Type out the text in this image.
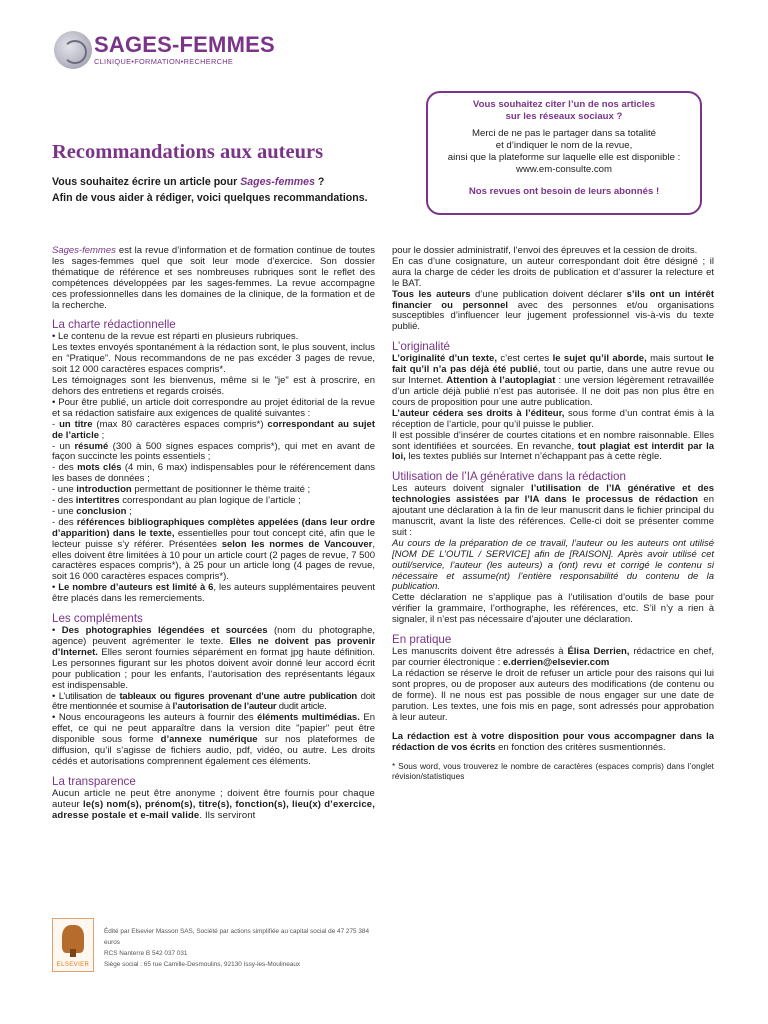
SAGES-FEMMES
CLINIQUE•FORMATION•RECHERCHE
Vous souhaitez citer l’un de nos articles
sur les réseaux sociaux ?
Merci de ne pas le partager dans sa totalité
et d’indiquer le nom de la revue,
ainsi que la plateforme sur laquelle elle est disponible :
www.em-consulte.com
Nos revues ont besoin de leurs abonnés !
Recommandations aux auteurs
Vous souhaitez écrire un article pour Sages-femmes ?
Afin de vous aider à rédiger, voici quelques recommandations.

Sages-femmes est la revue d’information et de formation continue de toutes les sages-femmes quel que soit leur mode d’exercice. Son dossier thématique de référence et ses nombreuses rubriques sont le reflet des compétences développées par les sages-femmes. La revue accompagne ces professionnelles dans les domaines de la clinique, de la formation et de la recherche.

La charte rédactionnelle

• Le contenu de la revue est réparti en plusieurs rubriques.

Les textes envoyés spontanément à la rédaction sont, le plus souvent, inclus en “Pratique”. Nous recommandons de ne pas excéder 3 pages de revue, soit 12 000 caractères espaces compris*.

Les témoignages sont les bienvenus, même si le "je" est à proscrire, en dehors des entretiens et regards croisés.

• Pour être publié, un article doit correspondre au projet éditorial de la revue et sa rédaction satisfaire aux exigences de qualité suivantes :

- un titre (max 80 caractères espaces compris*) correspondant au sujet de l’article ;

- un résumé (300 à 500 signes espaces compris*), qui met en avant de façon succincte les points essentiels ;

- des mots clés (4 min, 6 max) indispensables pour le référencement dans les bases de données ;

- une introduction permettant de positionner le thème traité ;

- des intertitres correspondant au plan logique de l’article ;

- une conclusion ;

- des références bibliographiques complètes appelées (dans leur ordre d’apparition) dans le texte, essentielles pour tout concept cité, afin que le lecteur puisse s’y référer. Présentées selon les normes de Vancouver, elles doivent être limitées à 10 pour un article court (2 pages de revue, 7 500 caractères espaces compris*), à 25 pour un article long (4 pages de revue, soit 16 000 caractères espaces compris*).

• Le nombre d’auteurs est limité à 6, les auteurs supplémentaires peuvent être placés dans les remerciements.

Les compléments

• Des photographies légendées et sourcées (nom du photographe, agence) peuvent agrémenter le texte. Elles ne doivent pas provenir d’Internet. Elles seront fournies séparément en format jpg haute définition. Les personnes figurant sur les photos doivent avoir donné leur accord écrit pour publication ; pour les enfants, l’autorisation des représentants légaux est indispensable.

• L’utilisation de tableaux ou figures provenant d’une autre publication doit être mentionnée et soumise à l’autorisation de l’auteur dudit article.

• Nous encourageons les auteurs à fournir des éléments multimédias. En effet, ce qui ne peut apparaître dans la version dite "papier" peut être disponible sous forme d’annexe numérique sur nos plateformes de diffusion, qu’il s’agisse de fichiers audio, pdf, vidéo, ou autre. Les droits cédés et autorisations comprennent également ces éléments.

La transparence

Aucun article ne peut être anonyme ; doivent être fournis pour chaque auteur le(s) nom(s), prénom(s), titre(s), fonction(s), lieu(x) d’exercice, adresse postale et e-mail valide. Ils serviront

pour le dossier administratif, l’envoi des épreuves et la cession de droits.

En cas d’une cosignature, un auteur correspondant doit être désigné ; il aura la charge de céder les droits de publication et d’assurer la relecture et le BAT.

Tous les auteurs d’une publication doivent déclarer s’ils ont un intérêt financier ou personnel avec des personnes et/ou organisations susceptibles d’influencer leur jugement professionnel vis-à-vis du texte publié.

L’originalité

L’originalité d’un texte, c’est certes le sujet qu’il aborde, mais surtout le fait qu’il n’a pas déjà été publié, tout ou partie, dans une autre revue ou sur Internet. Attention à l’autoplagiat : une version légèrement retravaillée d’un article déjà publié n’est pas autorisée. Il ne doit pas non plus être en cours de proposition pour une autre publication.

L’auteur cédera ses droits à l’éditeur, sous forme d’un contrat émis à la réception de l’article, pour qu’il puisse le publier.

Il est possible d’insérer de courtes citations et en nombre raisonnable. Elles sont identifiées et sourcées. En revanche, tout plagiat est interdit par la loi, les textes publiés sur Internet n’échappant pas à cette règle.

Utilisation de l’IA générative dans la rédaction

Les auteurs doivent signaler l’utilisation de l’IA générative et des technologies assistées par l’IA dans le processus de rédaction en ajoutant une déclaration à la fin de leur manuscrit dans le fichier principal du manuscrit, avant la liste des références. Celle-ci doit se présenter comme suit :

Au cours de la préparation de ce travail, l’auteur ou les auteurs ont utilisé [NOM DE L’OUTIL / SERVICE] afin de [RAISON]. Après avoir utilisé cet outil/service, l’auteur (les auteurs) a (ont) revu et corrigé le contenu si nécessaire et assume(nt) l’entière responsabilité du contenu de la publication.

Cette déclaration ne s’applique pas à l’utilisation d’outils de base pour vérifier la grammaire, l’orthographe, les références, etc. S’il n’y a rien à signaler, il n’est pas nécessaire d’ajouter une déclaration.

En pratique

Les manuscrits doivent être adressés à Élisa Derrien, rédactrice en chef, par courrier électronique : e.derrien@elsevier.com

La rédaction se réserve le droit de refuser un article pour des raisons qui lui sont propres, ou de proposer aux auteurs des modifications (de contenu ou de forme). Il ne nous est pas possible de nous engager sur une date de parution. Les textes, une fois mis en page, sont adressés pour approbation à leur auteur.

La rédaction est à votre disposition pour vous accompagner dans la rédaction de vos écrits en fonction des critères susmentionnés.

* Sous word, vous trouverez le nombre de caractères (espaces compris) dans l’onglet révision/statistiques

ELSEVIER
Édité par Elsevier Masson SAS, Société par actions simplifiée au capital social de 47 275 384 euros
RCS Nanterre B 542 037 031
Siège social : 65 rue Camille-Desmoulins, 92130 Issy-les-Moulineaux
